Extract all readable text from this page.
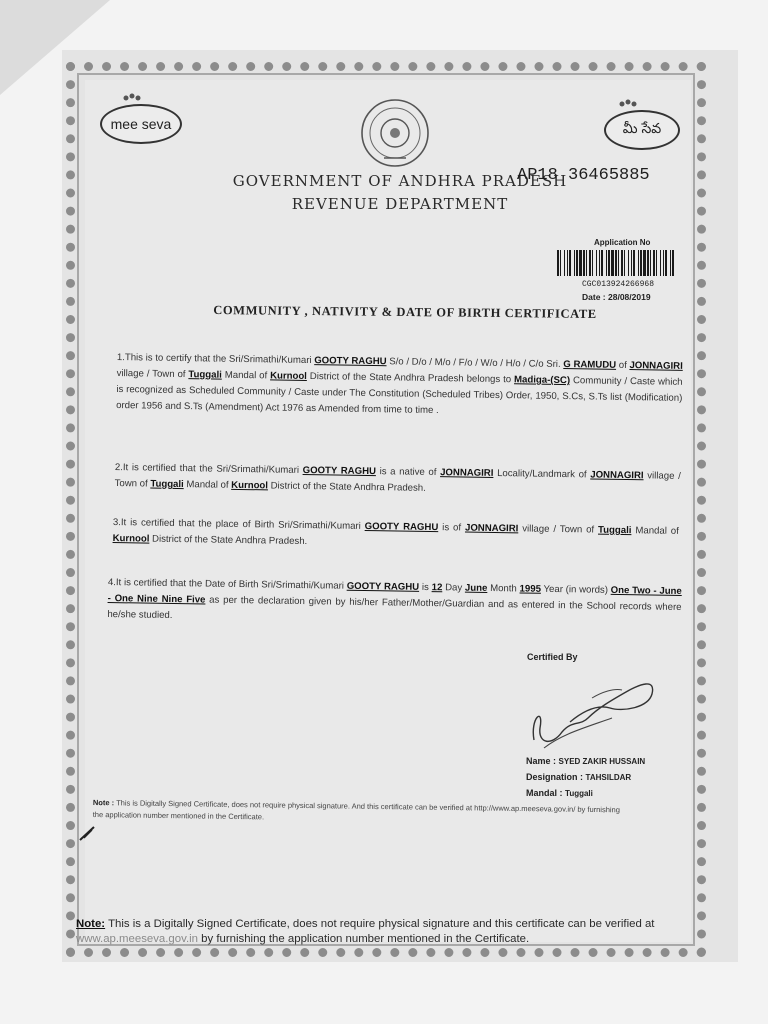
mee seva	మీ సేవ
GOVERNMENT OF ANDHRA PRADESH
REVENUE DEPARTMENT
AP18 36465885
Application No
CGC013924266968
Date : 28/08/2019
COMMUNITY , NATIVITY & DATE OF BIRTH CERTIFICATE
1.This is to certify that the Sri/Srimathi/Kumari GOOTY RAGHU S/o / D/o / M/o / F/o / W/o / H/o / C/o Sri. G RAMUDU of JONNAGIRI village / Town of Tuggali Mandal of Kurnool District of the State Andhra Pradesh belongs to Madiga-(SC) Community / Caste which is recognized as Scheduled Community / Caste under The Constitution (Scheduled Tribes) Order, 1950, S.Cs, S.Ts list (Modification) order 1956 and S.Ts (Amendment) Act 1976 as Amended from time to time .
2.It is certified that the Sri/Srimathi/Kumari GOOTY RAGHU is a native of JONNAGIRI Locality/Landmark of JONNAGIRI village / Town of Tuggali Mandal of Kurnool District of the State Andhra Pradesh.
3.It is certified that the place of Birth Sri/Srimathi/Kumari GOOTY RAGHU is of JONNAGIRI village / Town of Tuggali Mandal of Kurnool District of the State Andhra Pradesh.
4.It is certified that the Date of Birth Sri/Srimathi/Kumari GOOTY RAGHU is 12 Day June Month 1995 Year (in words) One Two - June - One Nine Nine Five as per the declaration given by his/her Father/Mother/Guardian and as entered in the School records where he/she studied.
Certified By
Name : SYED ZAKIR HUSSAIN
Designation : TAHSILDAR
Mandal : Tuggali
Note : This is Digitally Signed Certificate, does not require physical signature. And this certificate can be verified at http://www.ap.meeseva.gov.in/ by furnishing the application number mentioned in the Certificate.
Note: This is a Digitally Signed Certificate, does not require physical signature and this certificate can be verified at www.ap.meeseva.gov.in by furnishing the application number mentioned in the Certificate.
